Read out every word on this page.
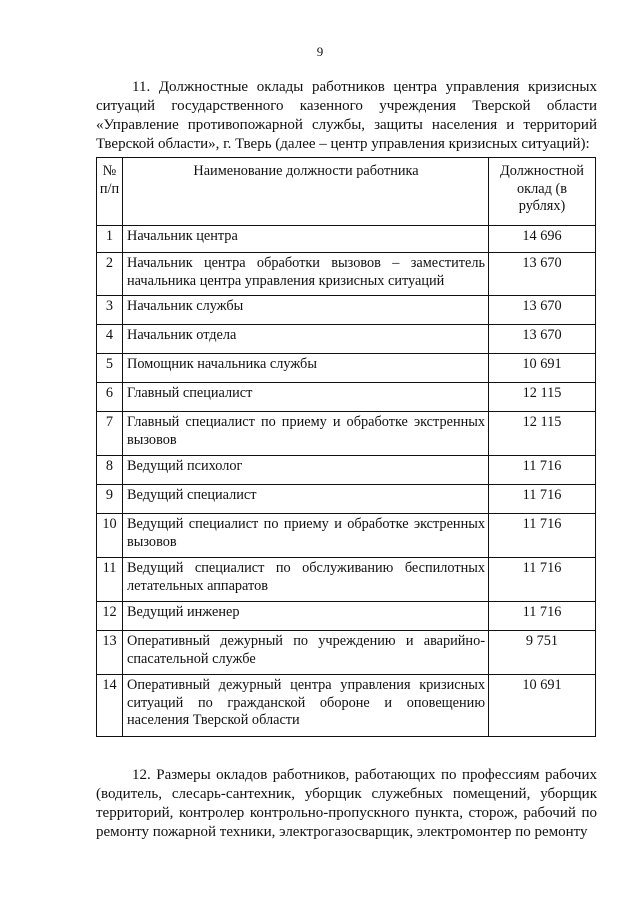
9
11. Должностные оклады работников центра управления кризисных ситуаций государственного казенного учреждения Тверской области «Управление противопожарной службы, защиты населения и территорий Тверской области», г. Тверь (далее – центр управления кризисных ситуаций):
№ п/п	Наименование должности работника	Должностной оклад (в рублях)

1	Начальник центра	14 696

2	Начальник центра обработки вызовов – заместитель начальника центра управления кризисных ситуаций	13 670

3	Начальник службы	13 670

4	Начальник отдела	13 670

5	Помощник начальника службы	10 691

6	Главный специалист	12 115

7	Главный специалист по приему и обработке экстренных вызовов	12 115

8	Ведущий психолог	11 716

9	Ведущий специалист	11 716

10	Ведущий специалист по приему и обработке экстренных вызовов	11 716

11	Ведущий специалист по обслуживанию беспилотных летательных аппаратов	11 716

12	Ведущий инженер	11 716

13	Оперативный дежурный по учреждению и аварийно-спасательной службе	9 751

14	Оперативный дежурный центра управления кризисных ситуаций по гражданской обороне и оповещению населения Тверской области	10 691
12. Размеры окладов работников, работающих по профессиям рабочих (водитель, слесарь-сантехник, уборщик служебных помещений, уборщик территорий, контролер контрольно-пропускного пункта, сторож, рабочий по ремонту пожарной техники, электрогазосварщик, электромонтер по ремонту
